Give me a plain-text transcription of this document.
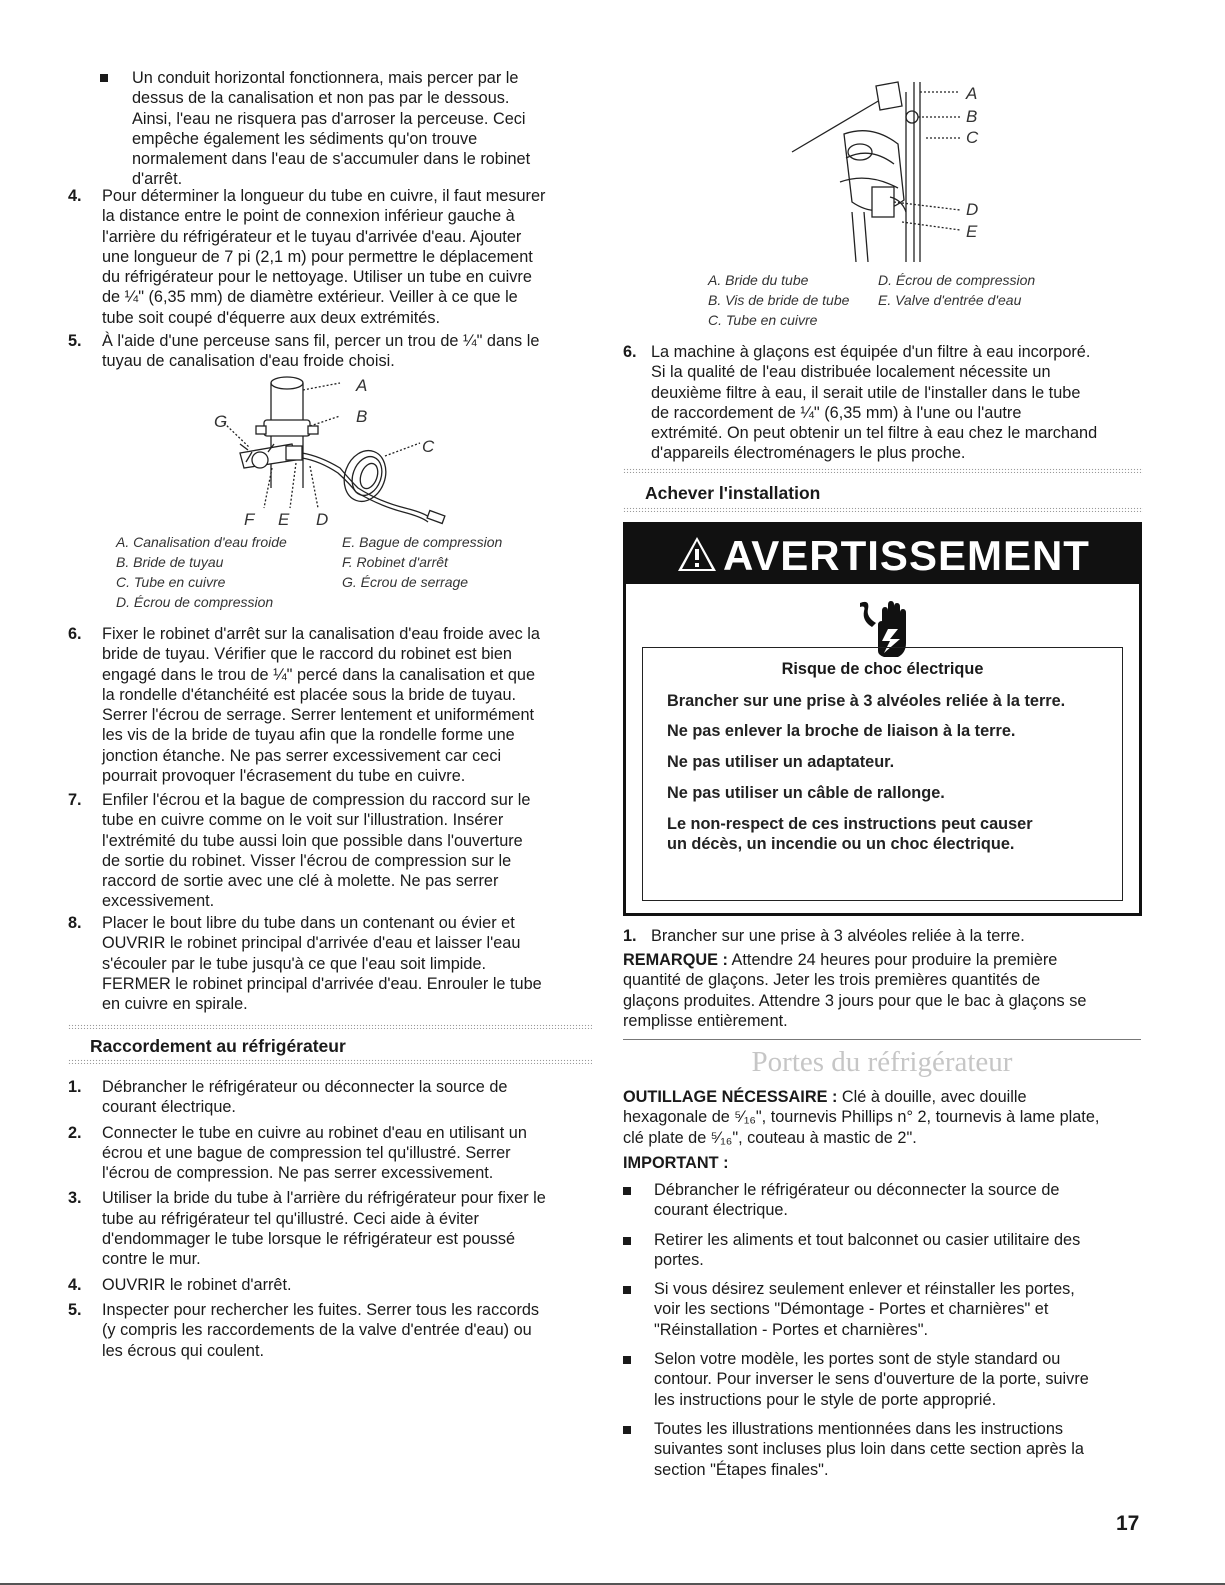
Un conduit horizontal fonctionnera, mais percer par le
dessus de la canalisation et non pas par le dessous.
Ainsi, l'eau ne risquera pas d'arroser la perceuse. Ceci
empêche également les sédiments qu'on trouve
normalement dans l'eau de s'accumuler dans le robinet
d'arrêt.
4. Pour déterminer la longueur du tube en cuivre, il faut mesurer
la distance entre le point de connexion inférieur gauche à
l'arrière du réfrigérateur et le tuyau d'arrivée d'eau. Ajouter
une longueur de 7 pi (2,1 m) pour permettre le déplacement
du réfrigérateur pour le nettoyage. Utiliser un tube en cuivre
de ¼" (6,35 mm) de diamètre extérieur. Veiller à ce que le
tube soit coupé d'équerre aux deux extrémités.
5. À l'aide d'une perceuse sans fil, percer un trou de ¼" dans le
tuyau de canalisation d'eau froide choisi.
A
B
C
G
F E D
A. Canalisation d'eau froide
B. Bride de tuyau
C. Tube en cuivre
D. Écrou de compression
E. Bague de compression
F. Robinet d'arrêt
G. Écrou de serrage
6. Fixer le robinet d'arrêt sur la canalisation d'eau froide avec la
bride de tuyau. Vérifier que le raccord du robinet est bien
engagé dans le trou de ¼" percé dans la canalisation et que
la rondelle d'étanchéité est placée sous la bride de tuyau.
Serrer l'écrou de serrage. Serrer lentement et uniformément
les vis de la bride de tuyau afin que la rondelle forme une
jonction étanche. Ne pas serrer excessivement car ceci
pourrait provoquer l'écrasement du tube en cuivre.
7. Enfiler l'écrou et la bague de compression du raccord sur le
tube en cuivre comme on le voit sur l'illustration. Insérer
l'extrémité du tube aussi loin que possible dans l'ouverture
de sortie du robinet. Visser l'écrou de compression sur le
raccord de sortie avec une clé à molette. Ne pas serrer
excessivement.
8. Placer le bout libre du tube dans un contenant ou évier et
OUVRIR le robinet principal d'arrivée d'eau et laisser l'eau
s'écouler par le tube jusqu'à ce que l'eau soit limpide.
FERMER le robinet principal d'arrivée d'eau. Enrouler le tube
en cuivre en spirale.
Raccordement au réfrigérateur
1. Débrancher le réfrigérateur ou déconnecter la source de
courant électrique.
2. Connecter le tube en cuivre au robinet d'eau en utilisant un
écrou et une bague de compression tel qu'illustré. Serrer
l'écrou de compression. Ne pas serrer excessivement.
3. Utiliser la bride du tube à l'arrière du réfrigérateur pour fixer le
tube au réfrigérateur tel qu'illustré. Ceci aide à éviter
d'endommager le tube lorsque le réfrigérateur est poussé
contre le mur.
4. OUVRIR le robinet d'arrêt.
5. Inspecter pour rechercher les fuites. Serrer tous les raccords
(y compris les raccordements de la valve d'entrée d'eau) ou
les écrous qui coulent.
A
B
C
D
E
A. Bride du tube
B. Vis de bride de tube
C. Tube en cuivre
D. Écrou de compression
E. Valve d'entrée d'eau
6. La machine à glaçons est équipée d'un filtre à eau incorporé.
Si la qualité de l'eau distribuée localement nécessite un
deuxième filtre à eau, il serait utile de l'installer dans le tube
de raccordement de ¼" (6,35 mm) à l'une ou l'autre
extrémité. On peut obtenir un tel filtre à eau chez le marchand
d'appareils électroménagers le plus proche.
Achever l'installation
AVERTISSEMENT
Risque de choc électrique
Brancher sur une prise à 3 alvéoles reliée à la terre.
Ne pas enlever la broche de liaison à la terre.
Ne pas utiliser un adaptateur.
Ne pas utiliser un câble de rallonge.
Le non-respect de ces instructions peut causer
un décès, un incendie ou un choc électrique.
1. Brancher sur une prise à 3 alvéoles reliée à la terre.
REMARQUE : Attendre 24 heures pour produire la première
quantité de glaçons. Jeter les trois premières quantités de
glaçons produites. Attendre 3 jours pour que le bac à glaçons se
remplisse entièrement.
Portes du réfrigérateur
OUTILLAGE NÉCESSAIRE : Clé à douille, avec douille
hexagonale de ⁵⁄₁₆", tournevis Phillips n° 2, tournevis à lame plate,
clé plate de ⁵⁄₁₆", couteau à mastic de 2".
IMPORTANT :
Débrancher le réfrigérateur ou déconnecter la source de
courant électrique.
Retirer les aliments et tout balconnet ou casier utilitaire des
portes.
Si vous désirez seulement enlever et réinstaller les portes,
voir les sections "Démontage - Portes et charnières" et
"Réinstallation - Portes et charnières".
Selon votre modèle, les portes sont de style standard ou
contour. Pour inverser le sens d'ouverture de la porte, suivre
les instructions pour le style de porte approprié.
Toutes les illustrations mentionnées dans les instructions
suivantes sont incluses plus loin dans cette section après la
section "Étapes finales".
17
